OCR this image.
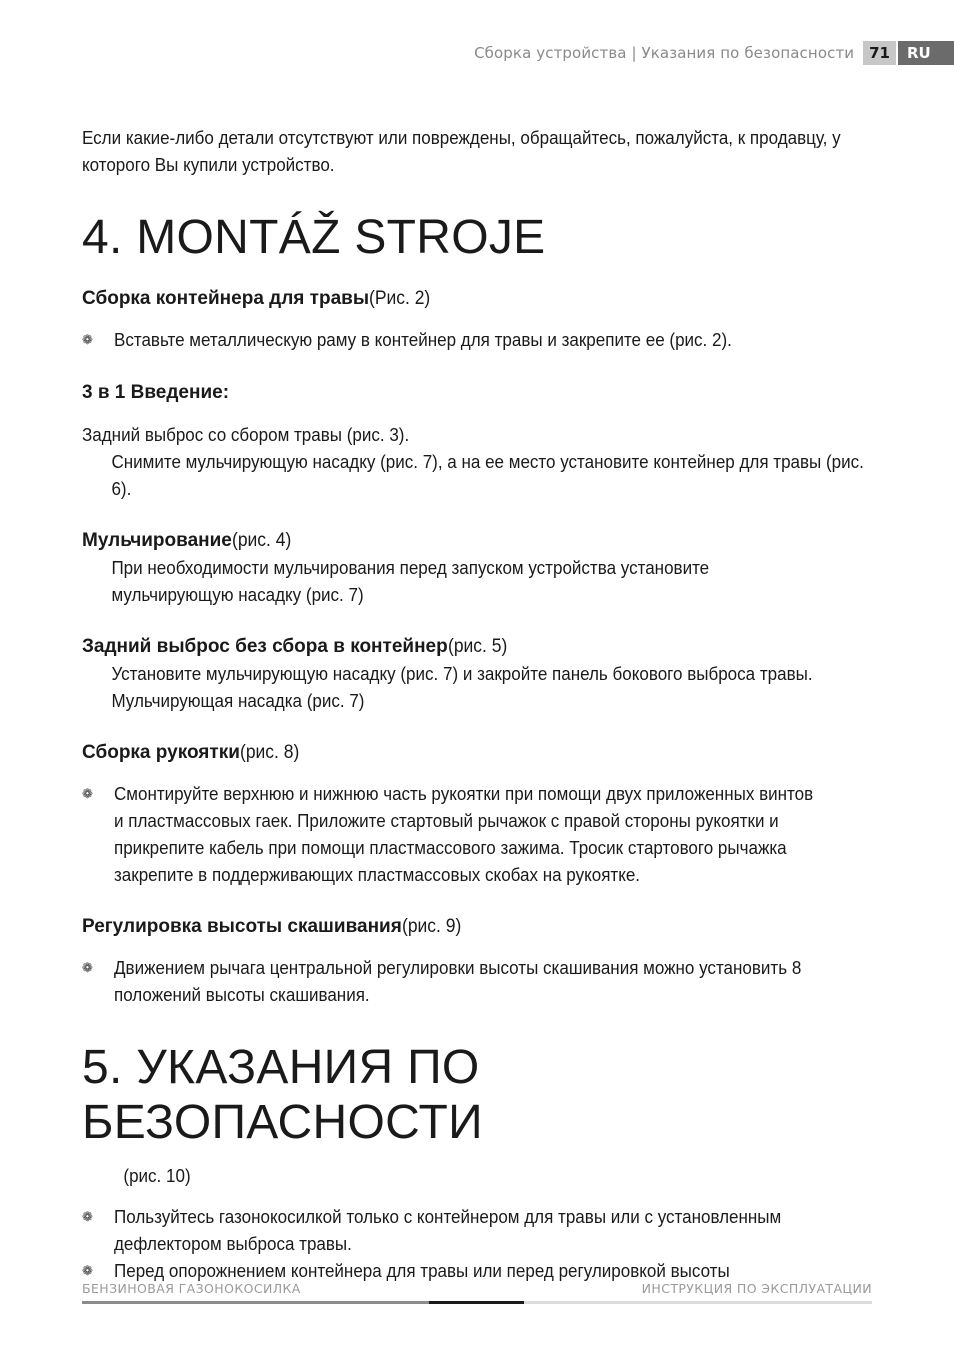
Сборка устройства | Указания по безопасности	71	RU

Если какие-либо детали отсутствуют или повреждены, обращайтесь, пожалуйста, к продавцу, у которого Вы купили устройство.

4. MONTÁŽ STROJE

Сборка контейнера для травы(Рис. 2)

❁	Вставьте металлическую раму в контейнер для травы и закрепите ее (рис. 2).

3 в 1 Введение:

Задний выброс со сбором травы (рис. 3).

Снимите мульчирующую насадку (рис. 7), а на ее место установите контейнер для травы (рис. 6).

Мульчирование(рис. 4)

При необходимости мульчирования перед запуском устройства установите мульчирующую насадку (рис. 7)

Задний выброс без сбора в контейнер(рис. 5)

Установите мульчирующую насадку (рис. 7) и закройте панель бокового выброса травы. Мульчирующая насадка (рис. 7)

Сборка рукоятки(рис. 8)

❁	Смонтируйте верхнюю и нижнюю часть рукоятки при помощи двух приложенных винтов и пластмассовых гаек. Приложите стартовый рычажок с правой стороны рукоятки и прикрепите кабель при помощи пластмассового зажима. Тросик стартового рычажка закрепите в поддерживающих пластмассовых скобах на рукоятке.

Регулировка высоты скашивания(рис. 9)

❁	Движением рычага центральной регулировки высоты скашивания можно установить 8 положений высоты скашивания.
5. УКАЗАНИЯ ПО БЕЗОПАСНОСТИ

(рис. 10)

❁	Пользуйтесь газонокосилкой только с контейнером для травы или с установленным дефлектором выброса травы.
❁	Перед опорожнением контейнера для травы или перед регулировкой высоты
БЕНЗИНОВАЯ ГАЗОНОКОСИЛКА	ИНСТРУКЦИЯ ПО ЭКСПЛУАТАЦИИ
